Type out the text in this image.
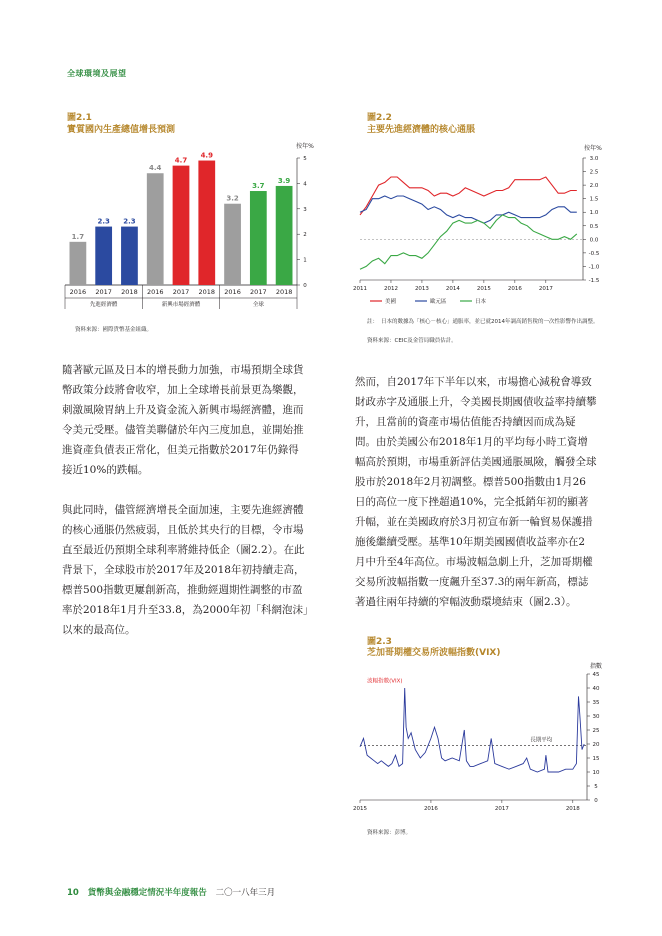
全球環境及展望
圖2.1
實質國內生產總值增長預測
按年%
0
1
2
3
4
5
1.7
2016
2.3
2017
2.3
2018
4.4
2016
4.7
2017
4.9
2018
3.2
2016
3.7
2017
3.9
2018
先進經濟體	新興市場經濟體	全球
資料來源：國際貨幣基金組織。
圖2.2
主要先進經濟體的核心通脹
按年%
3.0
2.5
2.0
1.5
1.0
0.5
0.0
-0.5
-1.0
-1.5
2011	2012	2013	2014	2015	2016	2017
美國	歐元區	日本
註： 日本的數據為「核心－核心」通脹率，並已就2014年調高銷售稅的一次性影響作出調整。
資料來源：CEIC及金管局職員估計。
隨著歐元區及日本的增長動力加強，市場預期全球貨
幣政策分歧將會收窄，加上全球增長前景更為樂觀，
刺激風險胃納上升及資金流入新興市場經濟體，進而
令美元受壓。儘管美聯儲於年內三度加息，並開始推
進資產負債表正常化，但美元指數於2017年仍錄得
接近10%的跌幅。
與此同時，儘管經濟增長全面加速，主要先進經濟體
的核心通脹仍然疲弱，且低於其央行的目標，令市場
直至最近仍預期全球利率將維持低企（圖2.2）。在此
背景下，全球股市於2017年及2018年初持續走高，
標普500指數更屢創新高，推動經週期性調整的市盈
率於2018年1月升至33.8，為2000年初「科網泡沫」
以來的最高位。
然而，自2017年下半年以來，市場擔心減稅會導致
財政赤字及通脹上升，令美國長期國債收益率持續攀
升，且當前的資產市場估值能否持續因而成為疑
問。由於美國公布2018年1月的平均每小時工資增
幅高於預期，市場重新評估美國通脹風險，觸發全球
股市於2018年2月初調整。標普500指數由1月26
日的高位一度下挫超過10%，完全抵銷年初的顯著
升幅，並在美國政府於3月初宣布新一輪貿易保護措
施後繼續受壓。基準10年期美國國債收益率亦在2
月中升至4年高位。市場波幅急劇上升，芝加哥期權
交易所波幅指數一度飆升至37.3的兩年新高，標誌
著過往兩年持續的窄幅波動環境結束（圖2.3）。
圖2.3
芝加哥期權交易所波幅指數(VIX)
指數
45
40
35
30
25
20
15
10
5
0
2015	2016	2017	2018
長期平均
波幅指數(VIX)
資料來源：彭博。
10 貨幣與金融穩定情況半年度報告 二〇一八年三月
